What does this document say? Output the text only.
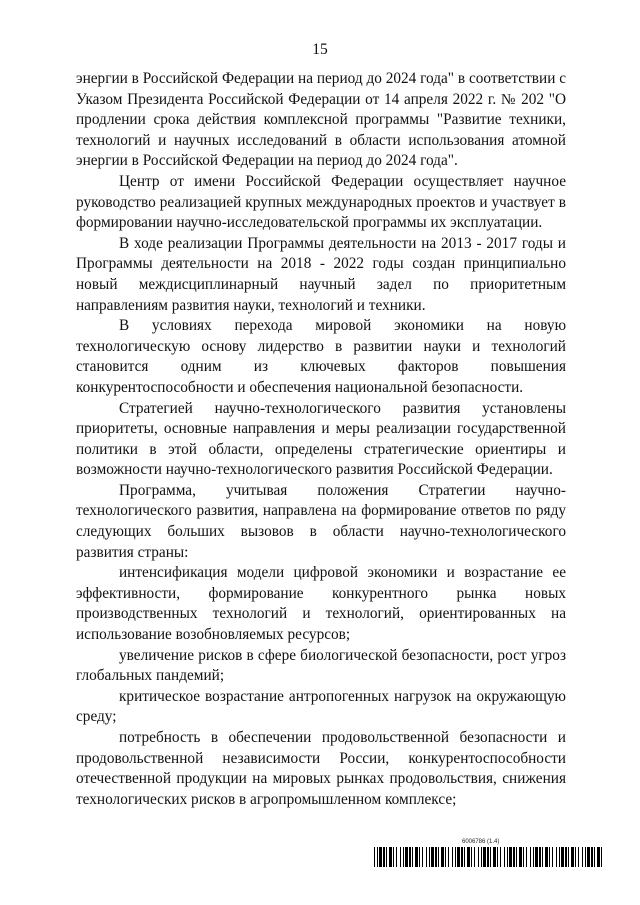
15

энергии в Российской Федерации на период до 2024 года" в соответствии с Указом Президента Российской Федерации от 14 апреля 2022 г. № 202 "О продлении срока действия комплексной программы "Развитие техники, технологий и научных исследований в области использования атомной энергии в Российской Федерации на период до 2024 года".

Центр от имени Российской Федерации осуществляет научное руководство реализацией крупных международных проектов и участвует в формировании научно-исследовательской программы их эксплуатации.

В ходе реализации Программы деятельности на 2013 - 2017 годы и Программы деятельности на 2018 - 2022 годы создан принципиально новый междисциплинарный научный задел по приоритетным направлениям развития науки, технологий и техники.

В условиях перехода мировой экономики на новую технологическую основу лидерство в развитии науки и технологий становится одним из ключевых факторов повышения конкурентоспособности и обеспечения национальной безопасности.

Стратегией научно-технологического развития установлены приоритеты, основные направления и меры реализации государственной политики в этой области, определены стратегические ориентиры и возможности научно-технологического развития Российской Федерации.

Программа, учитывая положения Стратегии научно-технологического развития, направлена на формирование ответов по ряду следующих больших вызовов в области научно-технологического развития страны:

интенсификация модели цифровой экономики и возрастание ее эффективности, формирование конкурентного рынка новых производственных технологий и технологий, ориентированных на использование возобновляемых ресурсов;

увеличение рисков в сфере биологической безопасности, рост угроз глобальных пандемий;

критическое возрастание антропогенных нагрузок на окружающую среду;

потребность в обеспечении продовольственной безопасности и продовольственной независимости России, конкурентоспособности отечественной продукции на мировых рынках продовольствия, снижения технологических рисков в агропромышленном комплексе;

6006786 (1.4)
